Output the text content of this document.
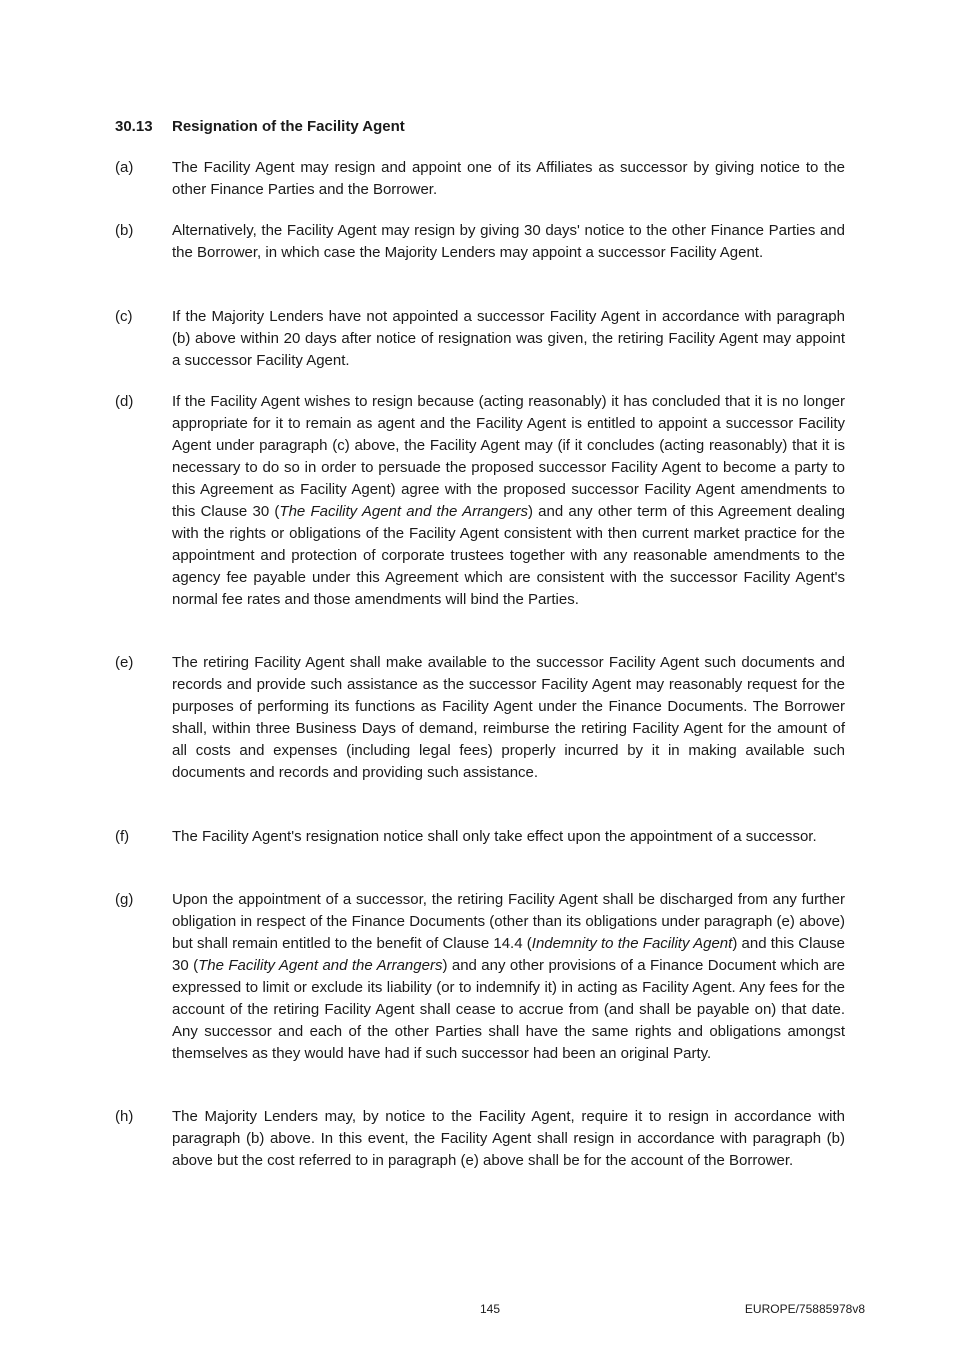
30.13 Resignation of the Facility Agent
(a)	The Facility Agent may resign and appoint one of its Affiliates as successor by giving notice to the other Finance Parties and the Borrower.
(b)	Alternatively, the Facility Agent may resign by giving 30 days' notice to the other Finance Parties and the Borrower, in which case the Majority Lenders may appoint a successor Facility Agent.
(c)	If the Majority Lenders have not appointed a successor Facility Agent in accordance with paragraph (b) above within 20 days after notice of resignation was given, the retiring Facility Agent may appoint a successor Facility Agent.
(d)	If the Facility Agent wishes to resign because (acting reasonably) it has concluded that it is no longer appropriate for it to remain as agent and the Facility Agent is entitled to appoint a successor Facility Agent under paragraph (c) above, the Facility Agent may (if it concludes (acting reasonably) that it is necessary to do so in order to persuade the proposed successor Facility Agent to become a party to this Agreement as Facility Agent) agree with the proposed successor Facility Agent amendments to this Clause 30 (The Facility Agent and the Arrangers) and any other term of this Agreement dealing with the rights or obligations of the Facility Agent consistent with then current market practice for the appointment and protection of corporate trustees together with any reasonable amendments to the agency fee payable under this Agreement which are consistent with the successor Facility Agent's normal fee rates and those amendments will bind the Parties.
(e)	The retiring Facility Agent shall make available to the successor Facility Agent such documents and records and provide such assistance as the successor Facility Agent may reasonably request for the purposes of performing its functions as Facility Agent under the Finance Documents. The Borrower shall, within three Business Days of demand, reimburse the retiring Facility Agent for the amount of all costs and expenses (including legal fees) properly incurred by it in making available such documents and records and providing such assistance.
(f)	The Facility Agent's resignation notice shall only take effect upon the appointment of a successor.
(g)	Upon the appointment of a successor, the retiring Facility Agent shall be discharged from any further obligation in respect of the Finance Documents (other than its obligations under paragraph (e) above) but shall remain entitled to the benefit of Clause 14.4 (Indemnity to the Facility Agent) and this Clause 30 (The Facility Agent and the Arrangers) and any other provisions of a Finance Document which are expressed to limit or exclude its liability (or to indemnify it) in acting as Facility Agent. Any fees for the account of the retiring Facility Agent shall cease to accrue from (and shall be payable on) that date. Any successor and each of the other Parties shall have the same rights and obligations amongst themselves as they would have had if such successor had been an original Party.
(h)	The Majority Lenders may, by notice to the Facility Agent, require it to resign in accordance with paragraph (b) above. In this event, the Facility Agent shall resign in accordance with paragraph (b) above but the cost referred to in paragraph (e) above shall be for the account of the Borrower.
145	EUROPE/75885978v8
